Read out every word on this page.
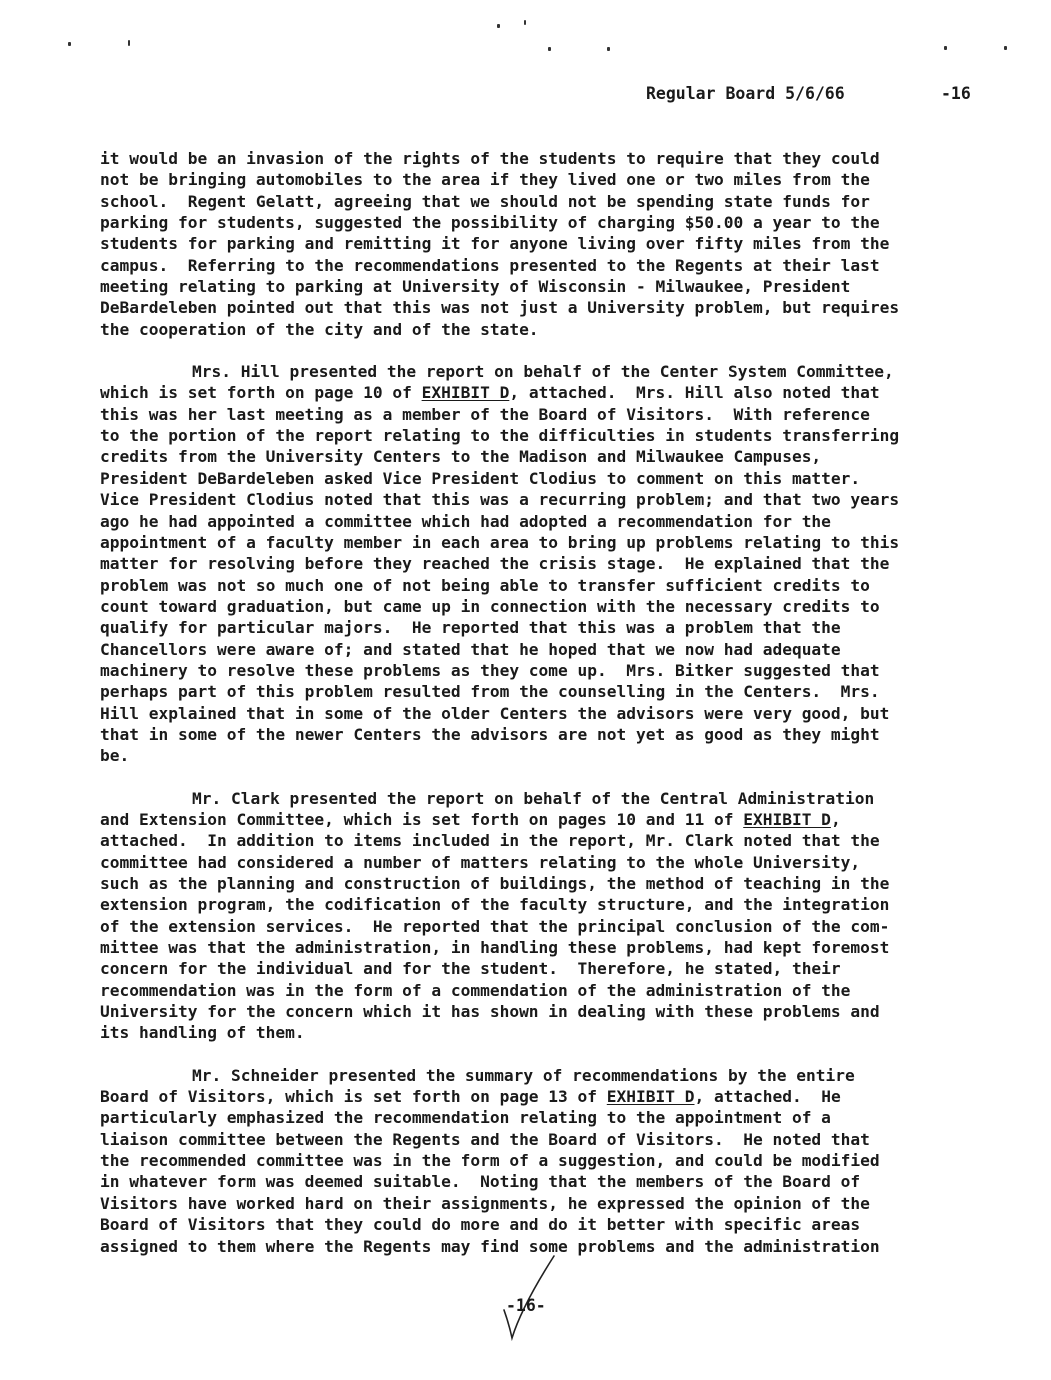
Regular Board 5/6/66

	-16

it would be an invasion of the rights of the students to require that they could
not be bringing automobiles to the area if they lived one or two miles from the
school.  Regent Gelatt, agreeing that we should not be spending state funds for
parking for students, suggested the possibility of charging $50.00 a year to the
students for parking and remitting it for anyone living over fifty miles from the
campus.  Referring to the recommendations presented to the Regents at their last
meeting relating to parking at University of Wisconsin - Milwaukee, President
DeBardeleben pointed out that this was not just a University problem, but requires
the cooperation of the city and of the state.
Mrs. Hill presented the report on behalf of the Center System Committee,
which is set forth on page 10 of EXHIBIT D, attached.  Mrs. Hill also noted that
this was her last meeting as a member of the Board of Visitors.  With reference
to the portion of the report relating to the difficulties in students transferring
credits from the University Centers to the Madison and Milwaukee Campuses,
President DeBardeleben asked Vice President Clodius to comment on this matter.
Vice President Clodius noted that this was a recurring problem; and that two years
ago he had appointed a committee which had adopted a recommendation for the
appointment of a faculty member in each area to bring up problems relating to this
matter for resolving before they reached the crisis stage.  He explained that the
problem was not so much one of not being able to transfer sufficient credits to
count toward graduation, but came up in connection with the necessary credits to
qualify for particular majors.  He reported that this was a problem that the
Chancellors were aware of; and stated that he hoped that we now had adequate
machinery to resolve these problems as they come up.  Mrs. Bitker suggested that
perhaps part of this problem resulted from the counselling in the Centers.  Mrs.
Hill explained that in some of the older Centers the advisors were very good, but
that in some of the newer Centers the advisors are not yet as good as they might
be.
Mr. Clark presented the report on behalf of the Central Administration
and Extension Committee, which is set forth on pages 10 and 11 of EXHIBIT D,
attached.  In addition to items included in the report, Mr. Clark noted that the
committee had considered a number of matters relating to the whole University,
such as the planning and construction of buildings, the method of teaching in the
extension program, the codification of the faculty structure, and the integration
of the extension services.  He reported that the principal conclusion of the com-
mittee was that the administration, in handling these problems, had kept foremost
concern for the individual and for the student.  Therefore, he stated, their
recommendation was in the form of a commendation of the administration of the
University for the concern which it has shown in dealing with these problems and
its handling of them.
Mr. Schneider presented the summary of recommendations by the entire
Board of Visitors, which is set forth on page 13 of EXHIBIT D, attached.  He
particularly emphasized the recommendation relating to the appointment of a
liaison committee between the Regents and the Board of Visitors.  He noted that
the recommended committee was in the form of a suggestion, and could be modified
in whatever form was deemed suitable.  Noting that the members of the Board of
Visitors have worked hard on their assignments, he expressed the opinion of the
Board of Visitors that they could do more and do it better with specific areas
assigned to them where the Regents may find some problems and the administration
-16-
